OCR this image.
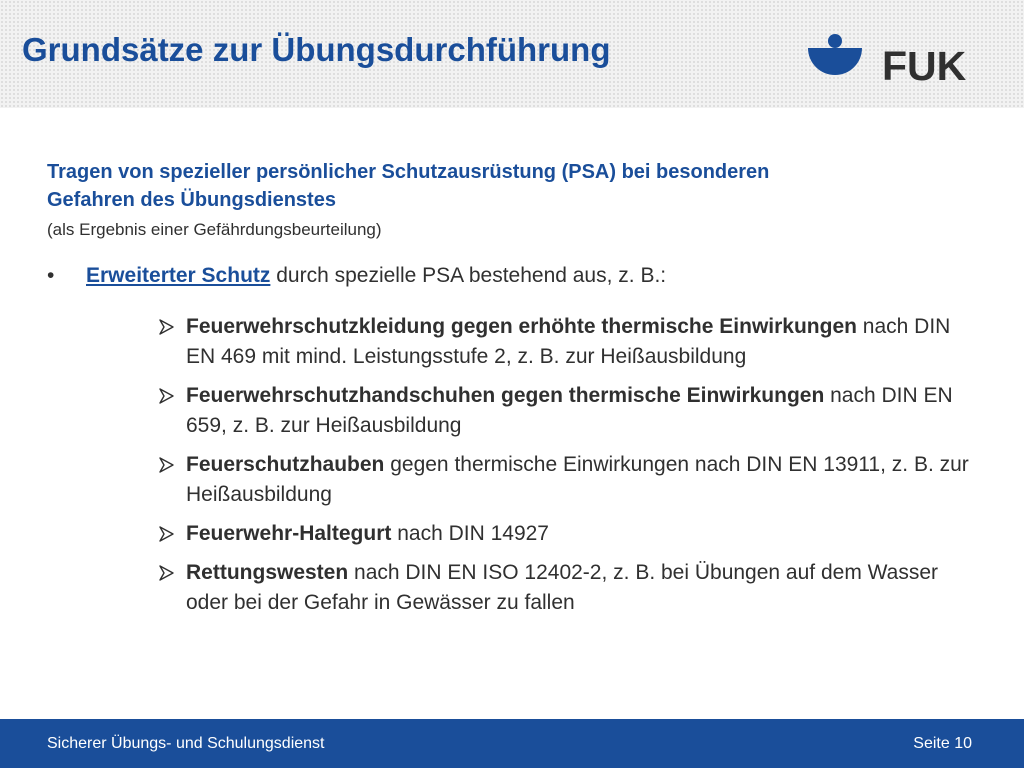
Grundsätze zur Übungsdurchführung	FUK
Tragen von spezieller persönlicher Schutzausrüstung (PSA) bei besonderen Gefahren des Übungsdienstes
(als Ergebnis einer Gefährdungsbeurteilung)
• Erweiterter Schutz durch spezielle PSA bestehend aus, z. B.:
Feuerwehrschutzkleidung gegen erhöhte thermische Einwirkungen nach DIN EN 469 mit mind. Leistungsstufe 2, z. B. zur Heißausbildung
Feuerwehrschutzhandschuhen gegen thermische Einwirkungen nach DIN EN 659, z. B. zur Heißausbildung
Feuerschutzhauben gegen thermische Einwirkungen nach DIN EN 13911, z. B. zur Heißausbildung
Feuerwehr-Haltegurt nach DIN 14927
Rettungswesten nach DIN EN ISO 12402-2, z. B. bei Übungen auf dem Wasser oder bei der Gefahr in Gewässer zu fallen
Sicherer Übungs- und Schulungsdienst	Seite 10
